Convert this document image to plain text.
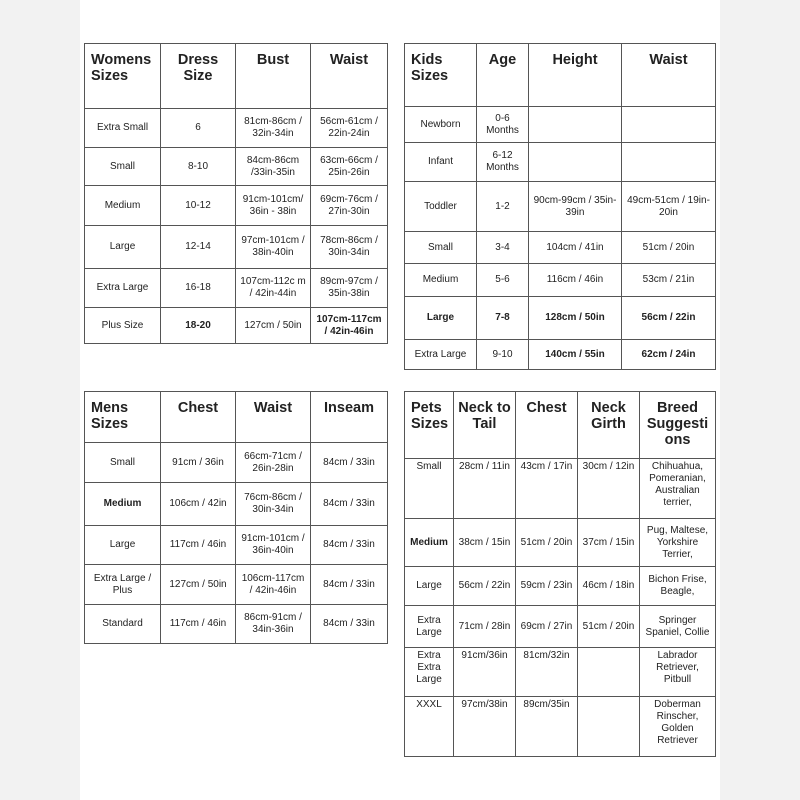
Womens Sizes	Dress Size	Bust	Waist
Extra Small	6	81cm-86cm / 32in-34in	56cm-61cm / 22in-24in
Small	8-10	84cm-86cm /33in-35in	63cm-66cm / 25in-26in
Medium	10-12	91cm-101cm/ 36in - 38in	69cm-76cm / 27in-30in
Large	12-14	97cm-101cm / 38in-40in	78cm-86cm / 30in-34in
Extra Large	16-18	107cm-112c m / 42in-44in	89cm-97cm / 35in-38in
Plus Size	18-20	127cm / 50in	107cm-117cm / 42in-46in
Kids Sizes	Age	Height	Waist
Newborn	0-6 Months		
Infant	6-12 Months		
Toddler	1-2	90cm-99cm / 35in-39in	49cm-51cm / 19in-20in
Small	3-4	104cm / 41in	51cm / 20in
Medium	5-6	116cm / 46in	53cm / 21in
Large	7-8	128cm / 50in	56cm / 22in
Extra Large	9-10	140cm / 55in	62cm / 24in
Mens Sizes	Chest	Waist	Inseam
Small	91cm / 36in	66cm-71cm / 26in-28in	84cm / 33in
Medium	106cm / 42in	76cm-86cm / 30in-34in	84cm / 33in
Large	117cm / 46in	91cm-101cm / 36in-40in	84cm / 33in
Extra Large / Plus	127cm / 50in	106cm-117cm / 42in-46in	84cm / 33in
Standard	117cm / 46in	86cm-91cm / 34in-36in	84cm / 33in
Pets Sizes	Neck to Tail	Chest	Neck Girth	Breed Suggestions
Small	28cm / 11in	43cm / 17in	30cm / 12in	Chihuahua, Pomeranian, Australian terrier,
Medium	38cm / 15in	51cm / 20in	37cm / 15in	Pug, Maltese, Yorkshire Terrier,
Large	56cm / 22in	59cm / 23in	46cm / 18in	Bichon Frise, Beagle,
Extra Large	71cm / 28in	69cm / 27in	51cm / 20in	Springer Spaniel, Collie
Extra Extra Large	91cm/36in	81cm/32in		Labrador Retriever, Pitbull
XXXL	97cm/38in	89cm/35in		Doberman Rinscher, Golden Retriever
